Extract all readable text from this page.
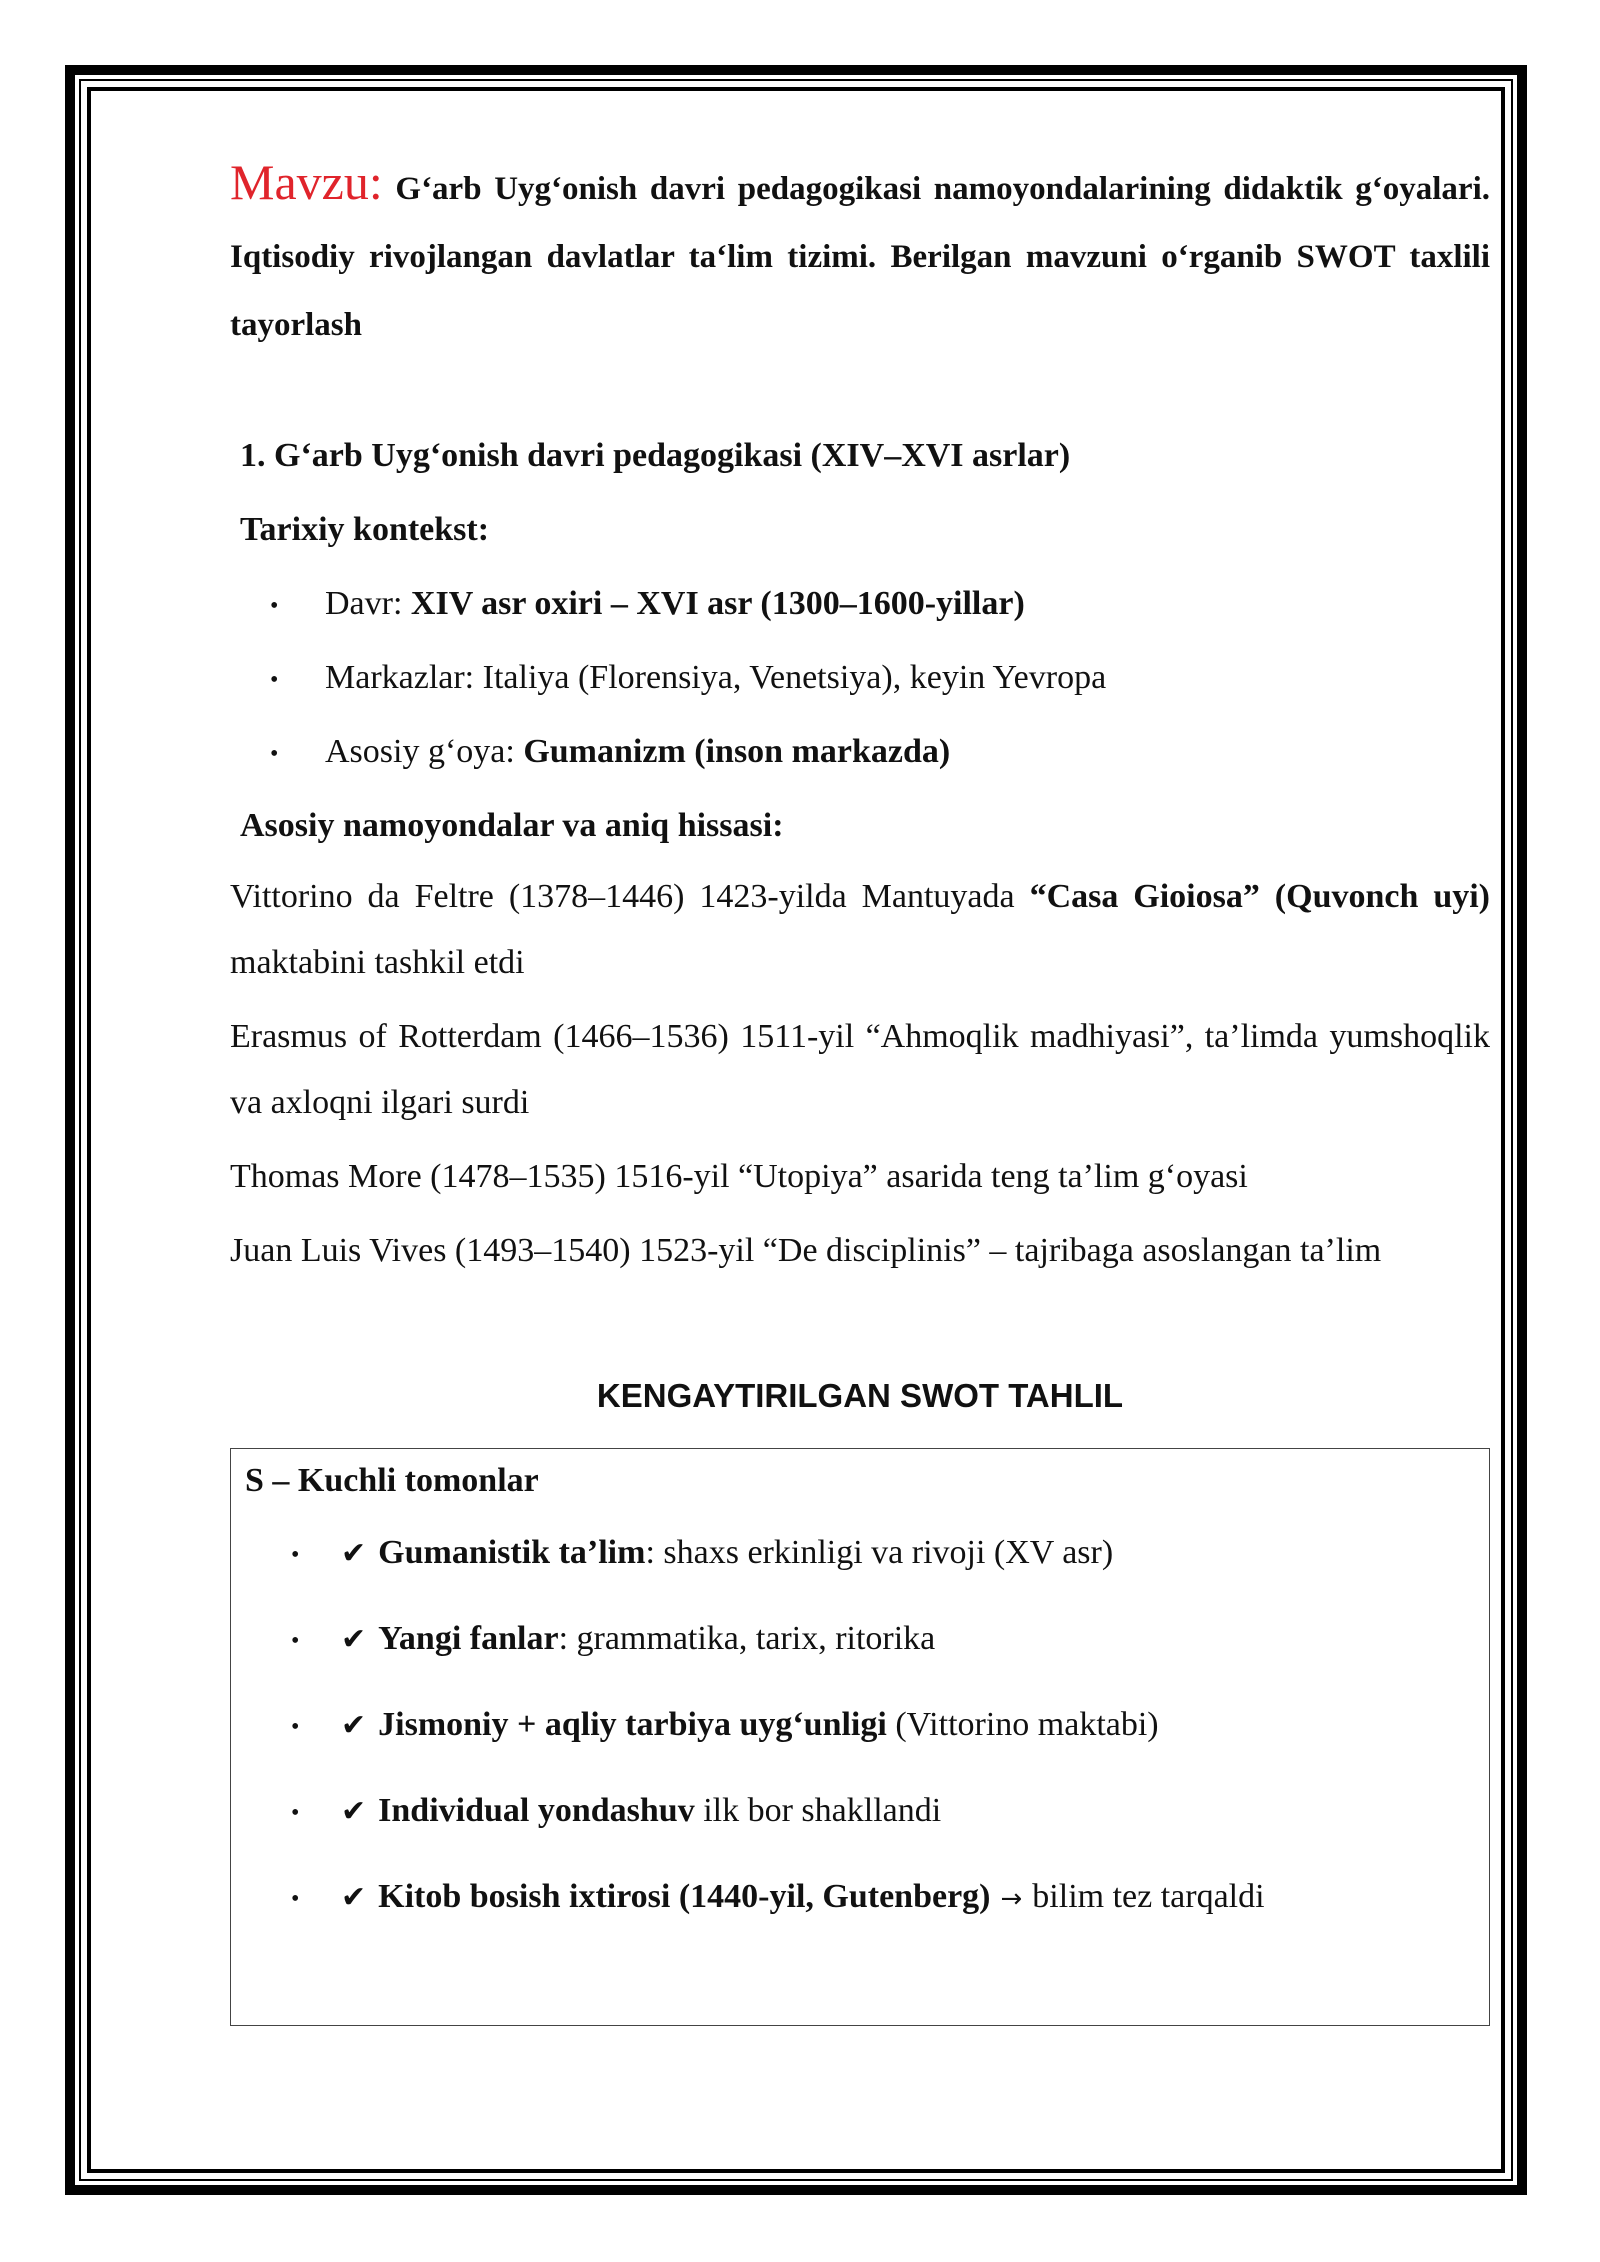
Mavzu: G‘arb Uyg‘onish davri pedagogikasi namoyondalarining didaktik g‘oyalari. Iqtisodiy rivojlangan davlatlar ta‘lim tizimi. Berilgan mavzuni o‘rganib SWOT taxlili tayorlash

1. G‘arb Uyg‘onish davri pedagogikasi (XIV–XVI asrlar)

Tarixiy kontekst:

• Davr: XIV asr oxiri – XVI asr (1300–1600-yillar)

• Markazlar: Italiya (Florensiya, Venetsiya), keyin Yevropa

• Asosiy g‘oya: Gumanizm (inson markazda)

Asosiy namoyondalar va aniq hissasi:

Vittorino da Feltre (1378–1446) 1423-yilda Mantuyada “Casa Gioiosa” (Quvonch uyi) maktabini tashkil etdi

Erasmus of Rotterdam (1466–1536) 1511-yil “Ahmoqlik madhiyasi”, ta’limda yumshoqlik va axloqni ilgari surdi

Thomas More (1478–1535) 1516-yil “Utopiya” asarida teng ta’lim g‘oyasi

Juan Luis Vives (1493–1540) 1523-yil “De disciplinis” – tajribaga asoslangan ta’lim

KENGAYTIRILGAN SWOT TAHLIL

S – Kuchli tomonlar

• ✔ Gumanistik ta’lim: shaxs erkinligi va rivoji (XV asr)

• ✔ Yangi fanlar: grammatika, tarix, ritorika

• ✔ Jismoniy + aqliy tarbiya uyg‘unligi (Vittorino maktabi)

• ✔ Individual yondashuv ilk bor shakllandi

• ✔ Kitob bosish ixtirosi (1440-yil, Gutenberg) → bilim tez tarqaldi
